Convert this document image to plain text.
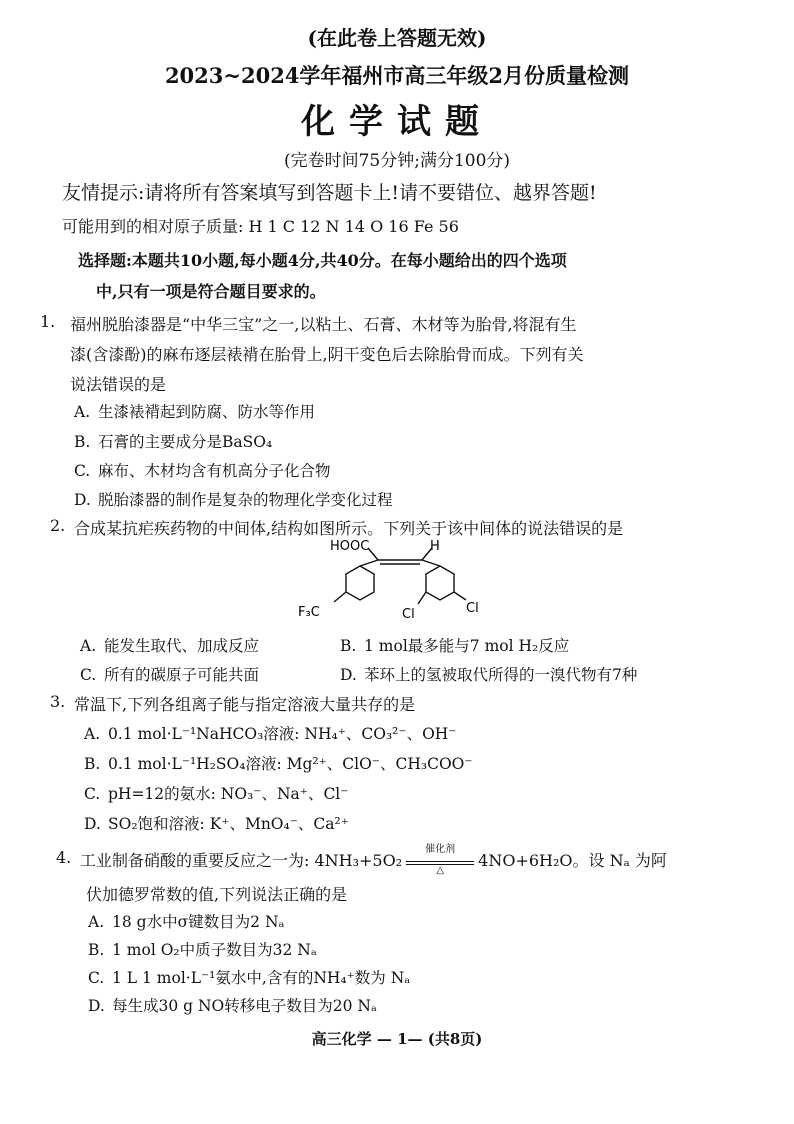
(在此卷上答题无效)
2023~2024学年福州市高三年级2月份质量检测
化学试题
(完卷时间75分钟;满分100分)
友情提示:请将所有答案填写到答题卡上!请不要错位、越界答题!
可能用到的相对原子质量: H 1 C 12 N 14 O 16 Fe 56
选择题:本题共10小题,每小题4分,共40分。在每小题给出的四个选项
中,只有一项是符合题目要求的。
1. 福州脱胎漆器是“中华三宝”之一,以粘土、石膏、木材等为胎骨,将混有生
漆(含漆酚)的麻布逐层裱褙在胎骨上,阴干变色后去除胎骨而成。下列有关
说法错误的是
A. 生漆裱褙起到防腐、防水等作用
B. 石膏的主要成分是BaSO₄
C. 麻布、木材均含有机高分子化合物
D. 脱胎漆器的制作是复杂的物理化学变化过程
2. 合成某抗疟疾药物的中间体,结构如图所示。下列关于该中间体的说法错误的是
HOOC	H
F₃C	Cl	Cl
A. 能发生取代、加成反应	B. 1 mol最多能与7 mol H₂反应
C. 所有的碳原子可能共面	D. 苯环上的氢被取代所得的一溴代物有7种
3. 常温下,下列各组离子能与指定溶液大量共存的是
A. 0.1 mol·L⁻¹NaHCO₃溶液: NH₄⁺、CO₃²⁻、OH⁻
B. 0.1 mol·L⁻¹H₂SO₄溶液: Mg²⁺、ClO⁻、CH₃COO⁻
C. pH=12的氨水: NO₃⁻、Na⁺、Cl⁻
D. SO₂饱和溶液: K⁺、MnO₄⁻、Ca²⁺
4. 工业制备硝酸的重要反应之一为: 4NH₃+5O₂
催化剂
△	4NO+6H₂O。设 Nₐ 为阿
伏加德罗常数的值,下列说法正确的是
A. 18 g水中σ键数目为2 Nₐ
B. 1 mol O₂中质子数目为32 Nₐ
C. 1 L 1 mol·L⁻¹氨水中,含有的NH₄⁺数为 Nₐ
D. 每生成30 g NO转移电子数目为20 Nₐ
高三化学 — 1— (共8页)
